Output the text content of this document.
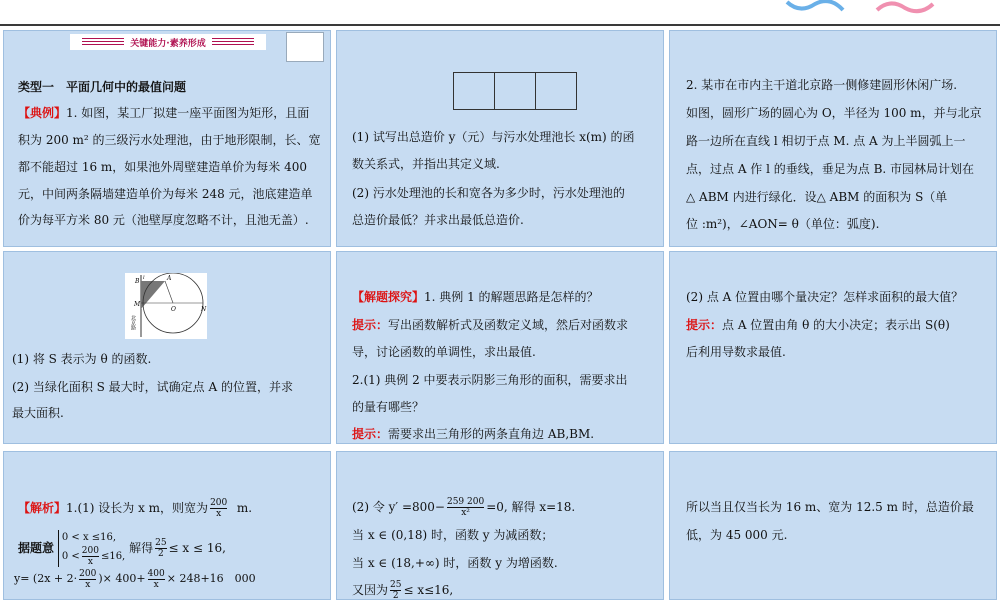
关键能力·素养形成
类型一　平面几何中的最值问题
【典例】1. 如图，某工厂拟建一座平面图为矩形，且面
积为 200 m² 的三级污水处理池，由于地形限制，长、宽
都不能超过 16 m，如果池外周壁建造单价为每米 400
元，中间两条隔墙建造单价为每米 248 元，池底建造单
价为每平方米 80 元（池壁厚度忽略不计，且池无盖）.
(1) 试写出总造价 y（元）与污水处理池长 x(m) 的函
数关系式，并指出其定义域.
(2) 污水处理池的长和宽各为多少时，污水处理池的
总造价最低？并求出最低总造价.
2. 某市在市内主干道北京路一侧修建圆形休闲广场.
如图，圆形广场的圆心为 O，半径为 100 m，并与北京
路一边所在直线 l 相切于点 M. 点 A 为上半圆弧上一
点，过点 A 作 l 的垂线，垂足为点 B. 市园林局计划在
△ ABM 内进行绿化．设△ ABM 的面积为 S（单
位 :m²)，∠AON= θ（单位：弧度).
B	A
M
O	N
l
北京路
(1) 将 S 表示为 θ 的函数.
(2) 当绿化面积 S 最大时，试确定点 A 的位置，并求
最大面积.
【解题探究】1. 典例 1 的解题思路是怎样的？
提示：写出函数解析式及函数定义域，然后对函数求
导，讨论函数的单调性，求出最值.
2.(1) 典例 2 中要表示阴影三角形的面积，需要求出
的量有哪些？
提示：需要求出三角形的两条直角边 AB,BM.
(2) 点 A 位置由哪个量决定？怎样求面积的最大值？
提示：点 A 位置由角 θ 的大小决定；表示出 S(θ)
后利用导数求最值.
【解析】1.(1) 设长为 x m，则宽为 $\frac{200}{x} m$.
据题意
0 < x ≤16,
$0 < \frac{200}{x} \le 16$,
解得 $\frac{25}{2} \le x \le 16$,
$y= (2x + 2\cdot \frac{200}{x}$ )× $400+ \frac{400}{x} \times 248+16$　000
(2) 令 $y' =800- \frac{259 200}{\text{x²}} =0$, 解得 x=18.
当 x ∈ (0,18) 时，函数 y 为减函数；
当 x ∈ (18,+∞) 时，函数 y 为增函数.
又因为 $\frac{25}{2} \le x\le 16$,
所以当且仅当长为 16 m、宽为 12.5 m 时，总造价最
低，为 45 000 元.
